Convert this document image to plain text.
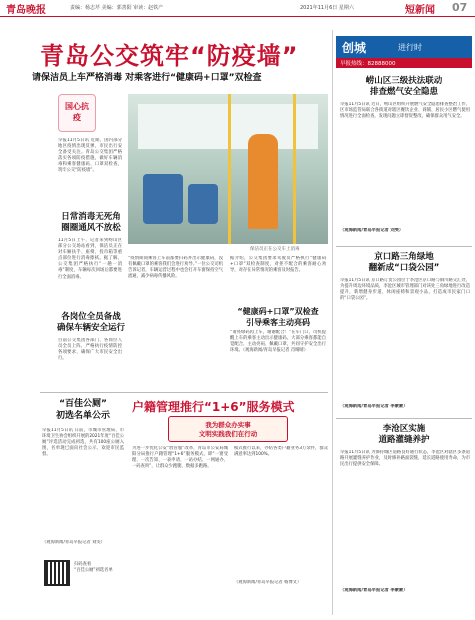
青岛晚报	责编：杨志芹 美编：郭善阳 审读：赵铁产	2021年11月6日 星期六	短新闻 07
青岛公交筑牢“防疫墙”
请保洁员上车严格消毒 对乘客进行“健康码+口罩”双检查
国心抗疫
早报11月5日讯 近期，国内部分地区疫情出现反弹，市民出行安全备受关注。青岛公交集团严格落实各项防疫措施，做好车辆消毒和乘客健康码、口罩双检查，筑牢公交“防疫墙”。
日常消毒无死角
圈圈通风不放松
11月5日上午，记者来到崂山区部分公交场站看到，保洁员正在对车厢扶手、座椅、投币箱等重点部位进行消毒擦拭。据了解，公交集团严格执行“一趟一消毒”制度，车辆每次回场后都要进行全面消毒。
各岗位全员备战
确保车辆安全运行
目前公交集团各部门、各岗位人员全员上阵，严格执行疫情防控各项要求，确保广大市民安全出行。
保洁员正在公交车上消毒
“疫情期间乘客上车前都要扫码并出示健康码，没有佩戴口罩的乘客我们会进行劝导。”一位公交司机告诉记者，车辆运营过程中也会打开车窗保持空气流通，减少病毒传播风险。
据介绍，公交集团要求驾驶员严格执行“健康码+口罩”双检查制度，对拒不配合的乘客耐心劝导，对存在异常情况的乘客及时报告。
“健康码+口罩”双检查
引导乘客主动亮码
“请亮绿码再上车，谢谢配合！”在车门口，司机提醒上车的乘客主动出示健康码。大部分乘客都能自觉配合，主动亮码、佩戴口罩，共同守护安全出行环境。（观海新闻/青岛早报记者 肖晴晴）
“百佳公厕”
初选名单公示
早报11月5日讯 日前，市城市管理局、市环境卫生协会组织开展的2021年度“百佳公厕”评选活动完成初选，共有100座公厕入围，名单现已面向社会公示，欢迎市民监督。
（观海新闻/青岛早报记者 刘雯）
扫码查看
“百佳公厕”初选名单
户籍管理推行“1+6”服务模式
我为群众办实事
文明实践我们在行动
为进一步优化公安“放管服”改革，青岛市公安局城阳分局推行户籍管理“1+6”服务模式，即“一窗受理、一次告知、一表申请、一站办结、一网通办、一码查询”，让群众少跑腿、数据多跑路。
模式推行以来，办结各类户籍业务3万余件，群众满意率达到100%。
（观海新闻/青岛早报记者 杨博文）
创城	进行时
早报热线：82888000
崂山区三级扶法联动
排查燃气安全隐患
早报11月5日讯 近日，崂山区组织开展燃气安全隐患排查整治工作，区市场监管局联合各街道对辖区餐饮企业、商铺、居民小区燃气使用情况进行全面检查，发现问题立即督促整改，确保群众用气安全。
（观海新闻/青岛早报记者 刘雯）
京口路三角绿地
翻新成“口袋公园”
早报11月5日讯 京口路订货公园位于李沧区京口路与铜川路交汇处，为提升周边环境品质，李沧区城市管理部门对该处三角绿地进行改造提升，新增健身步道、休闲座椅和景观小品，打造成市民家门口的“口袋公园”。
（观海新闻/青岛早报记者 李蒙蒙）
李沧区实施
道路灌缝养护
早报11月5日讯 为保持城区道路良好通行状态，李沧区对辖区多条道路开展灌缝养护作业，及时修补路面裂缝，延长道路使用寿命，为市民出行提供安全保障。
（观海新闻/青岛早报记者 李蒙蒙）
